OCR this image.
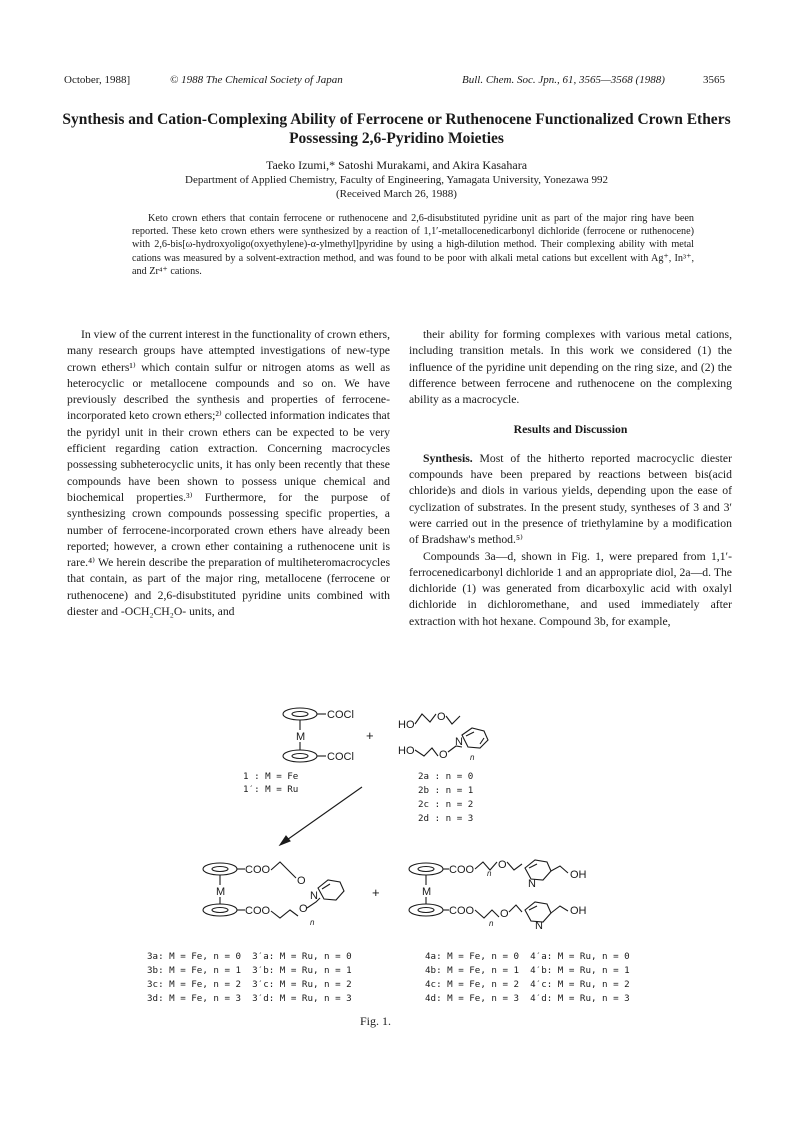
October, 1988]	© 1988 The Chemical Society of Japan	Bull. Chem. Soc. Jpn., 61, 3565—3568 (1988)	3565
Synthesis and Cation-Complexing Ability of Ferrocene or Ruthenocene Functionalized Crown Ethers Possessing 2,6-Pyridino Moieties
Taeko Izumi,* Satoshi Murakami, and Akira Kasahara
Department of Applied Chemistry, Faculty of Engineering, Yamagata University, Yonezawa 992
(Received March 26, 1988)
Keto crown ethers that contain ferrocene or ruthenocene and 2,6-disubstituted pyridine unit as part of the major ring have been reported. These keto crown ethers were synthesized by a reaction of 1,1′-metallocenedicarbonyl dichloride (ferrocene or ruthenocene) with 2,6-bis[ω-hydroxyoligo(oxyethylene)-α-ylmethyl]pyridine by using a high-dilution method. Their complexing ability with metal cations was measured by a solvent-extraction method, and was found to be poor with alkali metal cations but excellent with Ag⁺, In³⁺, and Zr⁴⁺ cations.

In view of the current interest in the functionality of crown ethers, many research groups have attempted investigations of new-type crown ethers¹⁾ which contain sulfur or nitrogen atoms as well as heterocyclic or metallocene compounds and so on. We have previously described the synthesis and properties of ferrocene-incorporated keto crown ethers;²⁾ collected information indicates that the pyridyl unit in their crown ethers can be expected to be very efficient regarding cation extraction. Concerning macrocycles possessing subheterocyclic units, it has only been recently that these compounds have been shown to possess unique chemical and biochemical properties.³⁾ Furthermore, for the purpose of synthesizing crown compounds possessing specific properties, a number of ferrocene-incorporated crown ethers have already been reported; however, a crown ether containing a ruthenocene unit is rare.⁴⁾ We herein describe the preparation of multiheteromacrocycles that contain, as part of the major ring, metallocene (ferrocene or ruthenocene) and 2,6-disubstituted pyridine units combined with diester and -OCH₂CH₂O- units, and

their ability for forming complexes with various metal cations, including transition metals. In this work we considered (1) the influence of the pyridine unit depending on the ring size, and (2) the difference between ferrocene and ruthenocene on the complexing ability as a macrocycle.

Results and Discussion

Synthesis. Most of the hitherto reported macrocyclic diester compounds have been prepared by reactions between bis(acid chloride)s and diols in various yields, depending upon the ease of cyclization of substrates. In the present study, syntheses of 3 and 3′ were carried out in the presence of triethylamine by a modification of Bradshaw's method.⁵⁾

Compounds 3a—d, shown in Fig. 1, were prepared from 1,1′-ferrocenedicarbonyl dichloride 1 and an appropriate diol, 2a—d. The dichloride (1) was generated from dicarboxylic acid with oxalyl dichloride in dichloromethane, and used immediately after extraction with hot hexane. Compound 3b, for example,

COCl
COCl
M	+
HO
O
N
HO O	n
M
COO
COO
O
N
O
n
+	M
COO
COO
O
N
OH
O
N
OH
n
n
1 : M = Fe
1′: M = Ru
2a : n = 0
2b : n = 1
2c : n = 2
2d : n = 3
3a: M = Fe, n = 0 3′a: M = Ru, n = 0
3b: M = Fe, n = 1 3′b: M = Ru, n = 1
3c: M = Fe, n = 2 3′c: M = Ru, n = 2
3d: M = Fe, n = 3 3′d: M = Ru, n = 3
4a: M = Fe, n = 0 4′a: M = Ru, n = 0
4b: M = Fe, n = 1 4′b: M = Ru, n = 1
4c: M = Fe, n = 2 4′c: M = Ru, n = 2
4d: M = Fe, n = 3 4′d: M = Ru, n = 3
Fig. 1.
